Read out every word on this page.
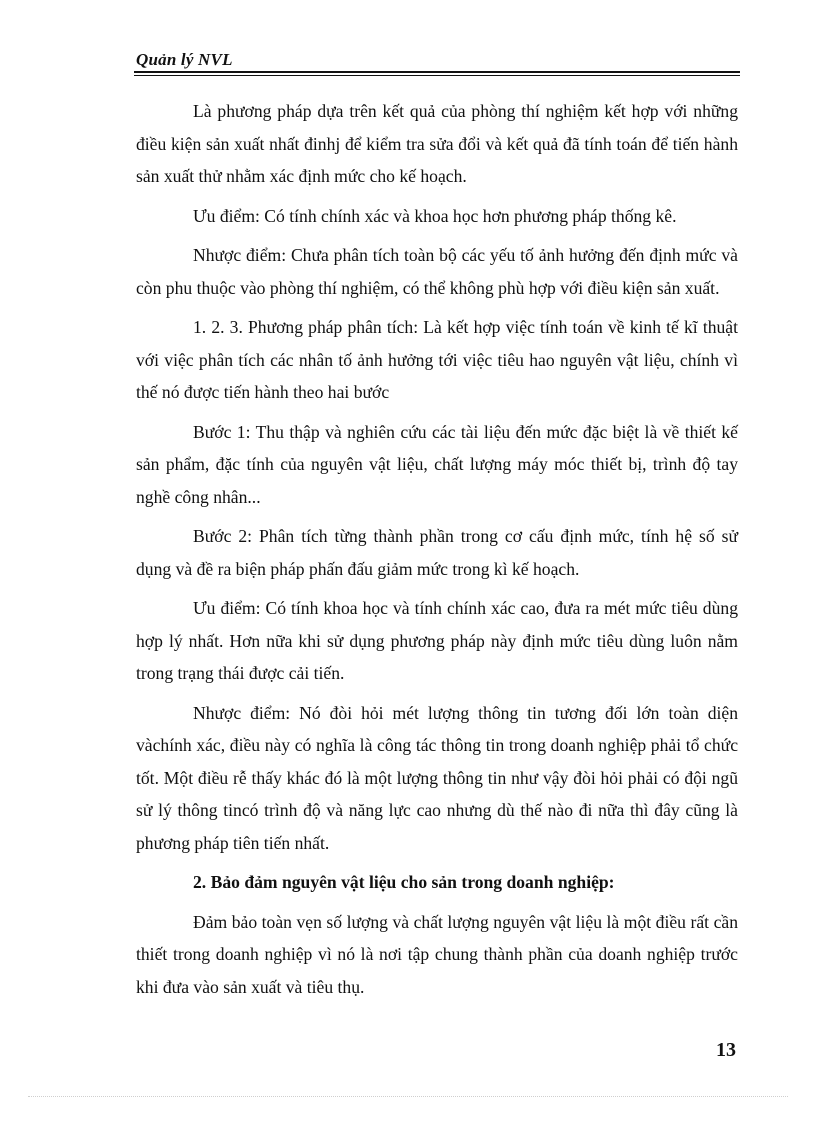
Quản lý NVL

Là phương pháp dựa trên kết quả của phòng thí nghiệm kết hợp với những điều kiện sản xuất nhất đinhj để kiểm tra sửa đổi và kết quả đã tính toán để tiến hành sản xuất thử nhằm xác định mức cho kế hoạch.

Ưu điểm: Có tính chính xác và khoa học hơn phương pháp thống kê.

Nhược điểm: Chưa phân tích toàn bộ các yếu tố ảnh hưởng đến định mức và còn phu thuộc vào phòng thí nghiệm, có thể không phù hợp với điều kiện sản xuất.

1. 2. 3. Phương pháp phân tích: Là kết hợp việc tính toán về kinh tế kĩ thuật với việc phân tích các nhân tố ảnh hưởng tới việc tiêu hao nguyên vật liệu, chính vì thế nó được tiến hành theo hai bước

Bước 1: Thu thập và nghiên cứu các tài liệu đến mức đặc biệt là về thiết kế sản phẩm, đặc tính của nguyên vật liệu, chất lượng máy móc thiết bị, trình độ tay nghề công nhân...

Bước 2: Phân tích từng thành phần trong cơ cấu định mức, tính hệ số sử dụng và đề ra biện pháp phấn đấu giảm mức trong kì kế hoạch.

Ưu điểm: Có tính khoa học và tính chính xác cao, đưa ra mét mức tiêu dùng hợp lý nhất. Hơn nữa khi sử dụng phương pháp này định mức tiêu dùng luôn nằm trong trạng thái được cải tiến.

Nhược điểm: Nó đòi hỏi mét lượng thông tin tương đối lớn toàn diện vàchính xác, điều này có nghĩa là công tác thông tin trong doanh nghiệp phải tổ chức tốt. Một điều rễ thấy khác đó là một lượng thông tin như vậy đòi hỏi phải có đội ngũ sử lý thông tincó trình độ và năng lực cao nhưng dù thế nào đi nữa thì đây cũng là phương pháp tiên tiến nhất.

2. Bảo đảm nguyên vật liệu cho sản trong doanh nghiệp:

Đảm bảo toàn vẹn số lượng và chất lượng nguyên vật liệu là một điều rất cần thiết trong doanh nghiệp vì nó là nơi tập chung thành phần của doanh nghiệp trước khi đưa vào sản xuất và tiêu thụ.

13
